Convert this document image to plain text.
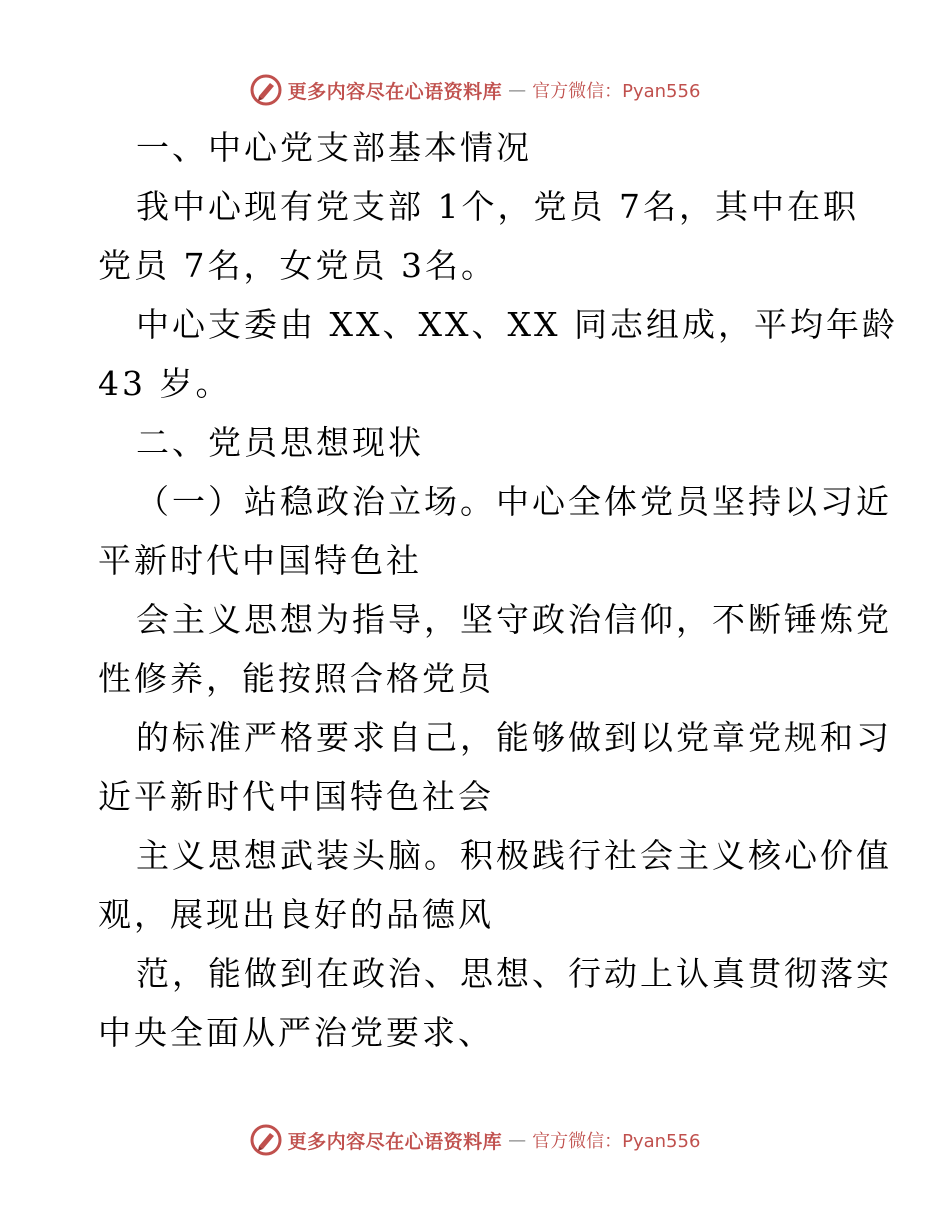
更多内容尽在心语资料库 — 官方微信：Pyan556
一、中心党支部基本情况
我中心现有党支部 1个，党员 7名，其中在职
党员 7名，女党员 3名。
中心支委由 XX、XX、XX 同志组成，平均年龄
43 岁。
二、党员思想现状
（一）站稳政治立场。中心全体党员坚持以习近
平新时代中国特色社
会主义思想为指导，坚守政治信仰，不断锤炼党
性修养，能按照合格党员
的标准严格要求自己，能够做到以党章党规和习
近平新时代中国特色社会
主义思想武装头脑。积极践行社会主义核心价值
观，展现出良好的品德风
范，能做到在政治、思想、行动上认真贯彻落实
中央全面从严治党要求、
更多内容尽在心语资料库 — 官方微信：Pyan556
